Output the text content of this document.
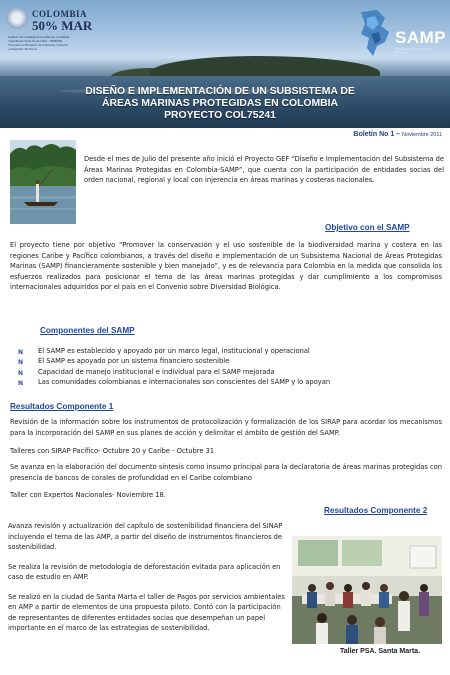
COLOMBIA
50% MAR
Instituto de Investigaciones Marinas y Costeras
"José Benito Vives De Andréis" - INVEMAR
Vinculado al Ministerio de Ambiente, Vivienda
y Desarrollo Territorial
SAMP
Subsistema de Áreas Marinas Protegidas
DISEÑO E IMPLEMENTACIÓN DE UN SUBSISTEMA DE
ÁREAS MARINAS PROTEGIDAS EN COLOMBIA
PROYECTO COL75241
Boletín No 1 – Noviembre 2011

Desde el mes de Julio del presente año inició el Proyecto GEF “Diseño e Implementación del Subsistema de Áreas Marinas Protegidas en Colombia-SAMP”, que cuenta con la participación de entidades socias del orden nacional, regional y local con injerencia en áreas marinas y costeras nacionales.

Objetivo con el SAMP

El proyecto tiene por objetivo “Promover la conservación y el uso sostenible de la biodiversidad marina y costera en las regiones Caribe y Pacífico colombianos, a través del diseño e implementación de un Subsistema Nacional de Áreas Protegidas Marinas (SAMP) financieramente sostenible y bien manejado”, y es de relevancia para Colombia en la medida que consolida los esfuerzos realizados para posicionar el tema de las áreas marinas protegidas y dar cumplimiento a los compromisos internacionales adquiridos por el país en el Convenio sobre Diversidad Biológica.

Componentes del SAMP
N El SAMP es establecido y apoyado por un marco legal, institucional y operacional
N El SAMP es apoyado por un sistema financiero sostenible
N Capacidad de manejo institucional e individual para el SAMP mejorada
N Las comunidades colombianas e internacionales son conscientes del SAMP y lo apoyan
Resultados Componente 1

Revisión de la información sobre los instrumentos de protocolización y formalización de los SIRAP para acordar los mecanismos para la incorporación del SAMP en sus planes de acción y delimitar el ámbito de gestión del SAMP.

Talleres con SIRAP Pacífico- Octubre 20 y Caribe - Octubre 31

Se avanza en la elaboración del documento síntesis como insumo principal para la declaratoria de áreas marinas protegidas con presencia de bancos de corales de profundidad en el Caribe colombiano

Taller con Expertos Nacionales- Noviembre 18.

Resultados Componente 2

Avanza revisión y actualización del capítulo de sostenibilidad financiera del SINAP incluyendo el tema de las AMP, a partir del diseño de instrumentos financieros de sostenibilidad.

Se realiza la revisión de metodología de deforestación evitada para aplicación en caso de estudio en AMP.

Se realizó en la ciudad de Santa Marta el taller de Pagos por servicios ambientales en AMP a partir de elementos de una propuesta piloto. Contó con la participación de representantes de diferentes entidades socias que desempeñan un papel importante en el marco de las estrategias de sostenibilidad.

Taller PSA. Santa Marta.
